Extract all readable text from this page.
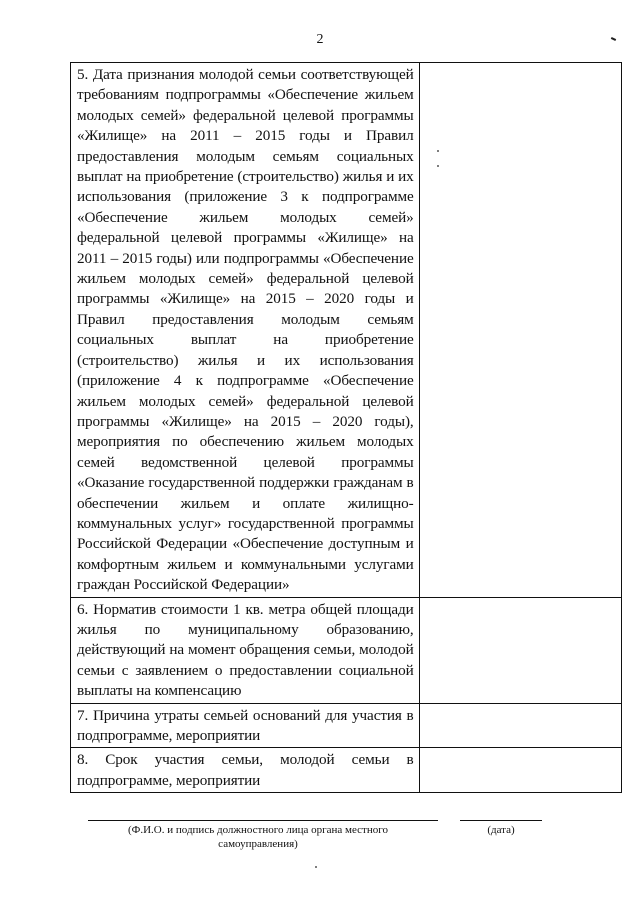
2
5. Дата признания молодой семьи соответствующей требованиям подпрограммы «Обеспечение жильем молодых семей» федеральной целевой программы «Жилище» на 2011 – 2015 годы и Правил предоставления молодым семьям социальных выплат на приобретение (строительство) жилья и их использования (приложение 3 к подпрограмме «Обеспечение жильем молодых семей» федеральной целевой программы «Жилище» на 2011 – 2015 годы) или подпрограммы «Обеспечение жильем молодых семей» федеральной целевой программы «Жилище» на 2015 – 2020 годы и Правил предоставления молодым семьям социальных выплат на приобретение (строительство) жилья и их использования (приложение 4 к подпрограмме «Обеспечение жильем молодых семей» федеральной целевой программы «Жилище» на 2015 – 2020 годы), мероприятия по обеспечению жильем молодых семей ведомственной целевой программы «Оказание государственной поддержки гражданам в обеспечении жильем и оплате жилищно-коммунальных услуг» государственной программы Российской Федерации «Обеспечение доступным и комфортным жильем и коммунальными услугами граждан Российской Федерации»	
6. Норматив стоимости 1 кв. метра общей площади жилья по муниципальному образованию, действующий на момент обращения семьи, молодой семьи с заявлением о предоставлении социальной выплаты на компенсацию	
7. Причина утраты семьей оснований для участия в подпрограмме, мероприятии	
8. Срок участия семьи, молодой семьи в подпрограмме, мероприятии	
(Ф.И.О. и подпись должностного лица органа местного самоуправления)
(дата)
